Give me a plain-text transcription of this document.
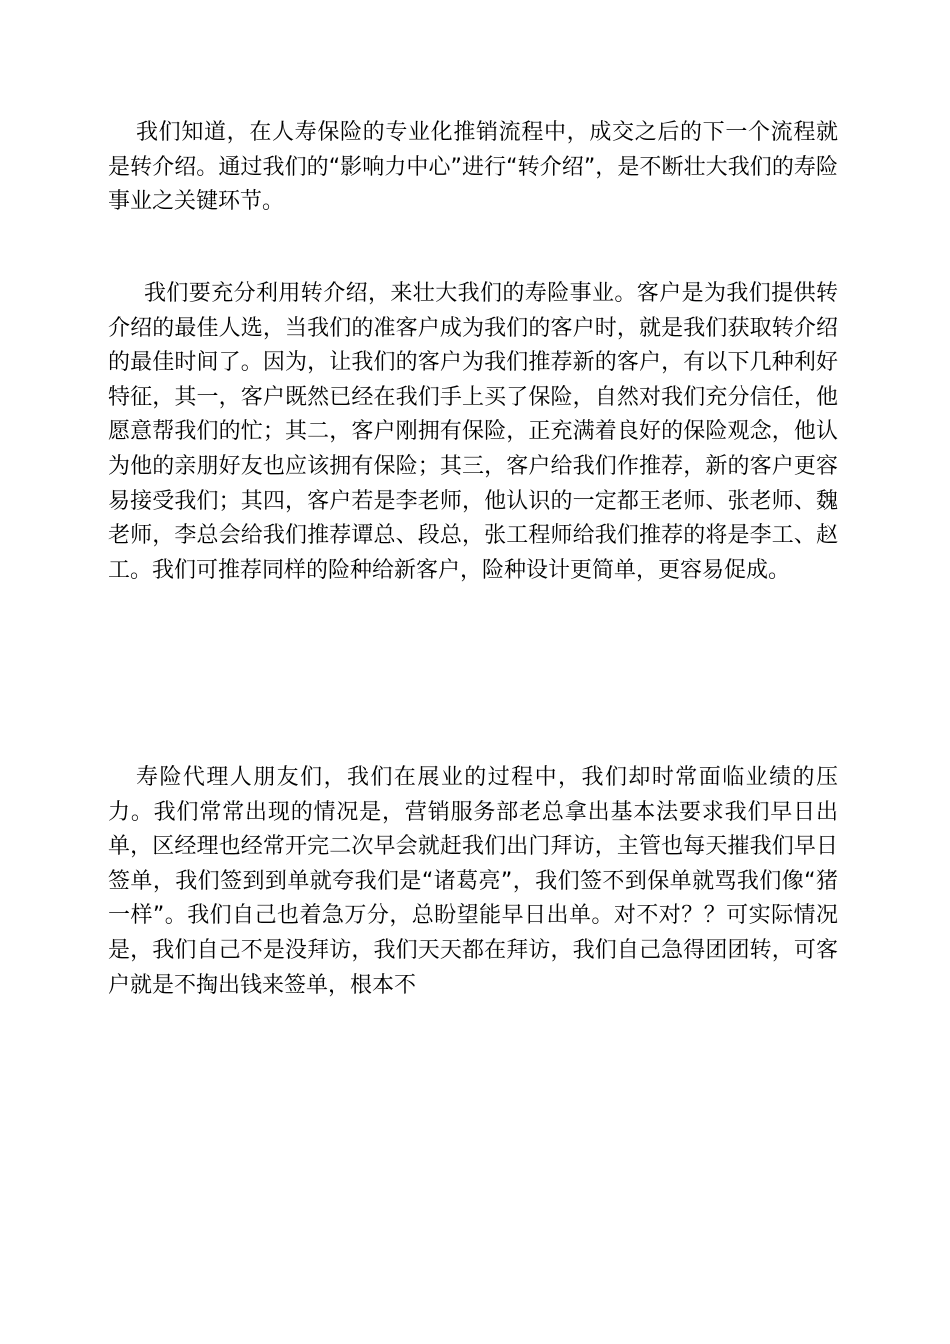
我们知道，在人寿保险的专业化推销流程中，成交之后的下一个流程就是转介绍。通过我们的“影响力中心”进行“转介绍”，是不断壮大我们的寿险事业之关键环节。

我们要充分利用转介绍，来壮大我们的寿险事业。客户是为我们提供转介绍的最佳人选，当我们的准客户成为我们的客户时，就是我们获取转介绍的最佳时间了。因为，让我们的客户为我们推荐新的客户，有以下几种利好特征，其一，客户既然已经在我们手上买了保险，自然对我们充分信任，他愿意帮我们的忙；其二，客户刚拥有保险，正充满着良好的保险观念，他认为他的亲朋好友也应该拥有保险；其三，客户给我们作推荐，新的客户更容易接受我们；其四，客户若是李老师，他认识的一定都王老师、张老师、魏老师，李总会给我们推荐谭总、段总，张工程师给我们推荐的将是李工、赵工。我们可推荐同样的险种给新客户，险种设计更简单，更容易促成。

寿险代理人朋友们，我们在展业的过程中，我们却时常面临业绩的压力。我们常常出现的情况是，营销服务部老总拿出基本法要求我们早日出单，区经理也经常开完二次早会就赶我们出门拜访，主管也每天摧我们早日签单，我们签到到单就夸我们是“诸葛亮”，我们签不到保单就骂我们像“猪一样”。我们自己也着急万分，总盼望能早日出单。对不对？？可实际情况是，我们自己不是没拜访，我们天天都在拜访，我们自己急得团团转，可客户就是不掏出钱来签单，根本不
